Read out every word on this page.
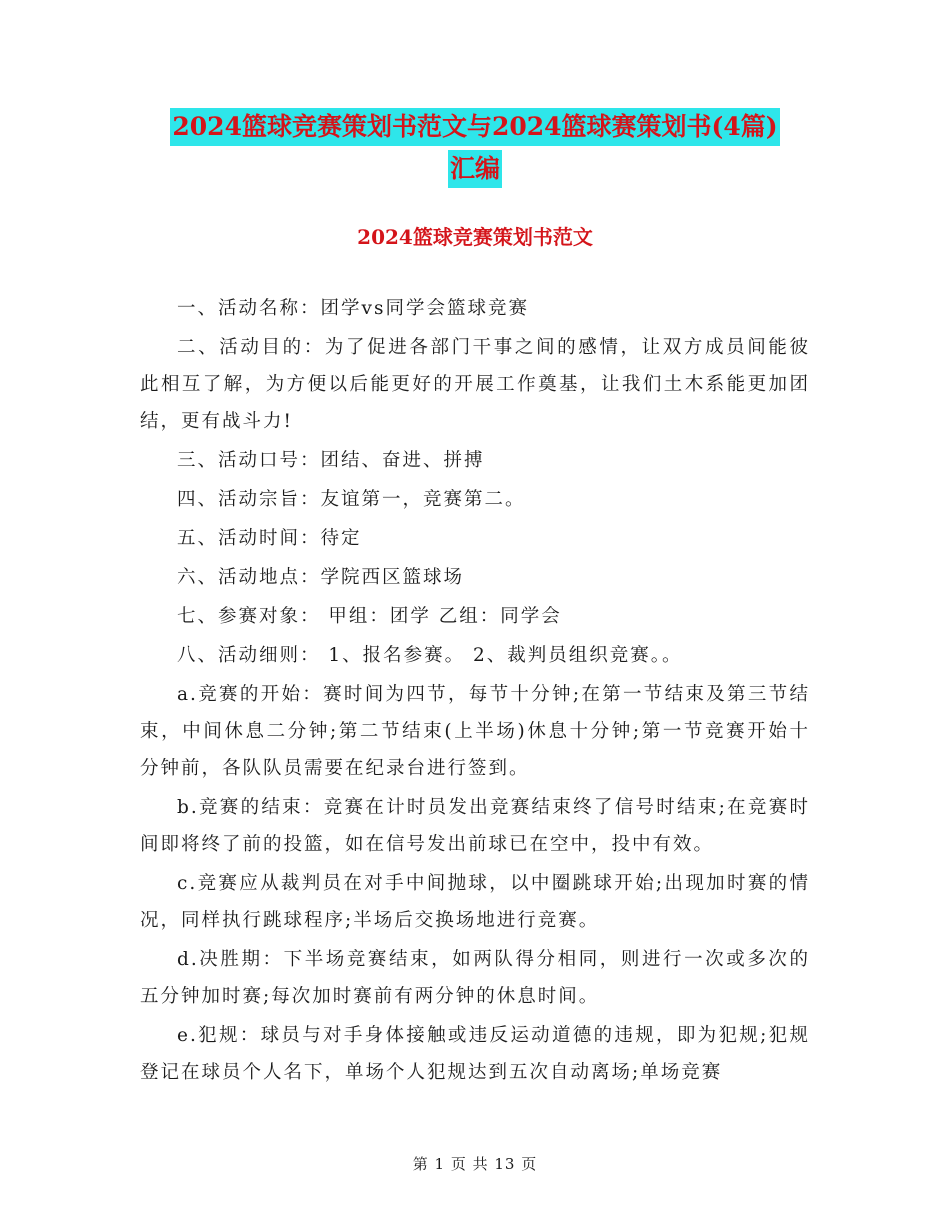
2024篮球竞赛策划书范文与2024篮球赛策划书(4篇)
汇编
2024篮球竞赛策划书范文

一、活动名称：团学vs同学会篮球竞赛

二、活动目的：为了促进各部门干事之间的感情，让双方成员间能彼此相互了解，为方便以后能更好的开展工作奠基，让我们土木系能更加团结，更有战斗力!

三、活动口号：团结、奋进、拼搏

四、活动宗旨：友谊第一，竞赛第二。

五、活动时间：待定

六、活动地点：学院西区篮球场

七、参赛对象： 甲组：团学 乙组：同学会

八、活动细则： 1、报名参赛。 2、裁判员组织竞赛。。

a.竞赛的开始：赛时间为四节，每节十分钟;在第一节结束及第三节结束，中间休息二分钟;第二节结束(上半场)休息十分钟;第一节竞赛开始十分钟前，各队队员需要在纪录台进行签到。

b.竞赛的结束：竞赛在计时员发出竞赛结束终了信号时结束;在竞赛时间即将终了前的投篮，如在信号发出前球已在空中，投中有效。

c.竞赛应从裁判员在对手中间抛球，以中圈跳球开始;出现加时赛的情况，同样执行跳球程序;半场后交换场地进行竞赛。

d.决胜期：下半场竞赛结束，如两队得分相同，则进行一次或多次的五分钟加时赛;每次加时赛前有两分钟的休息时间。

e.犯规：球员与对手身体接触或违反运动道德的违规，即为犯规;犯规登记在球员个人名下，单场个人犯规达到五次自动离场;单场竞赛

第 1 页 共 13 页
